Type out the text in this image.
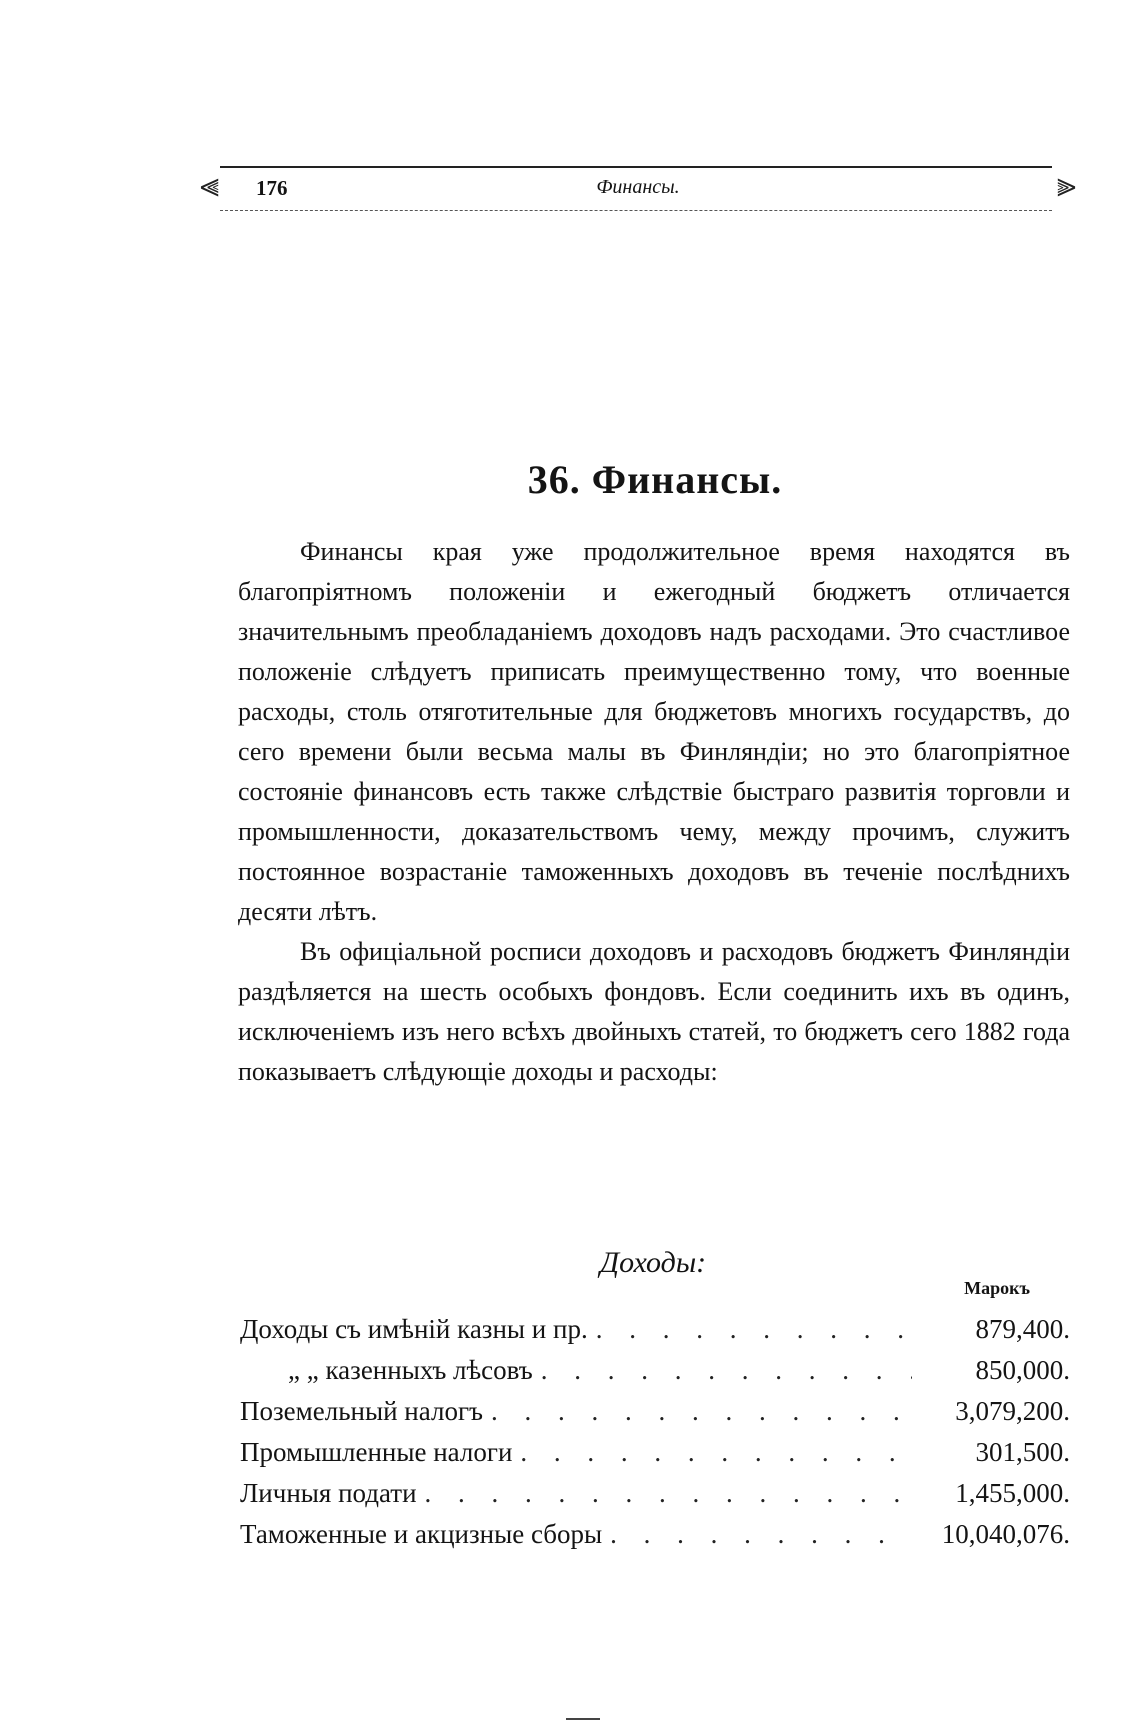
⫷ 176	Финансы.	⫸
36. Финансы.

Финансы края уже продолжительное время находятся въ благопріятномъ положеніи и ежегодный бюджетъ отличается значительнымъ преобладаніемъ доходовъ надъ расходами. Это счастливое положеніе слѣдуетъ приписать преимущественно тому, что военные расходы, столь отяготительные для бюджетовъ многихъ государствъ, до сего времени были весьма малы въ Финляндіи; но это благопріятное состояніе финансовъ есть также слѣдствіе быстраго развитія торговли и промышленности, доказательствомъ чему, между прочимъ, служитъ постоянное возрастаніе таможенныхъ доходовъ въ теченіе послѣднихъ десяти лѣтъ.

Въ офиціальной росписи доходовъ и расходовъ бюджетъ Финляндіи раздѣляется на шесть особыхъ фондовъ. Если соединить ихъ въ одинъ, исключеніемъ изъ него всѣхъ двойныхъ статей, то бюджетъ сего 1882 года показываетъ слѣдующіе доходы и расходы:

Доходы:
Марокъ
Доходы съ имѣній казны и пр. . . .	879,400.
„ „ казенныхъ лѣсовъ . . .	850,000.
Поземельный налогъ . . .	3,079,200.
Промышленные налоги . . .	301,500.
Личныя подати . . .	1,455,000.
Таможенные и акцизные сборы . . .	10,040,076.
